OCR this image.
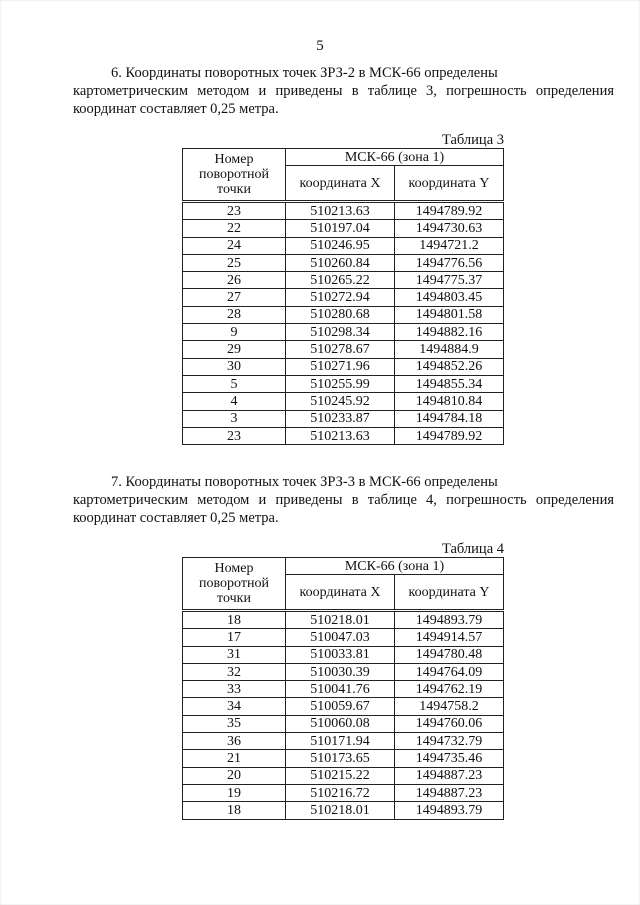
5
6. Координаты поворотных точек ЗРЗ-2 в МСК-66 определены
картометрическим методом и приведены в таблице 3, погрешность определения координат составляет 0,25 метра.
Таблица 3
Номер поворотной точки	МСК-66 (зона 1)	
	координата X	координата Y
23	510213.63	1494789.92
22	510197.04	1494730.63
24	510246.95	1494721.2
25	510260.84	1494776.56
26	510265.22	1494775.37
27	510272.94	1494803.45
28	510280.68	1494801.58
9	510298.34	1494882.16
29	510278.67	1494884.9
30	510271.96	1494852.26
5	510255.99	1494855.34
4	510245.92	1494810.84
3	510233.87	1494784.18
23	510213.63	1494789.92
7. Координаты поворотных точек ЗРЗ-3 в МСК-66 определены
картометрическим методом и приведены в таблице 4, погрешность определения координат составляет 0,25 метра.
Таблица 4
Номер поворотной точки	МСК-66 (зона 1)	
	координата X	координата Y
18	510218.01	1494893.79
17	510047.03	1494914.57
31	510033.81	1494780.48
32	510030.39	1494764.09
33	510041.76	1494762.19
34	510059.67	1494758.2
35	510060.08	1494760.06
36	510171.94	1494732.79
21	510173.65	1494735.46
20	510215.22	1494887.23
19	510216.72	1494887.23
18	510218.01	1494893.79
